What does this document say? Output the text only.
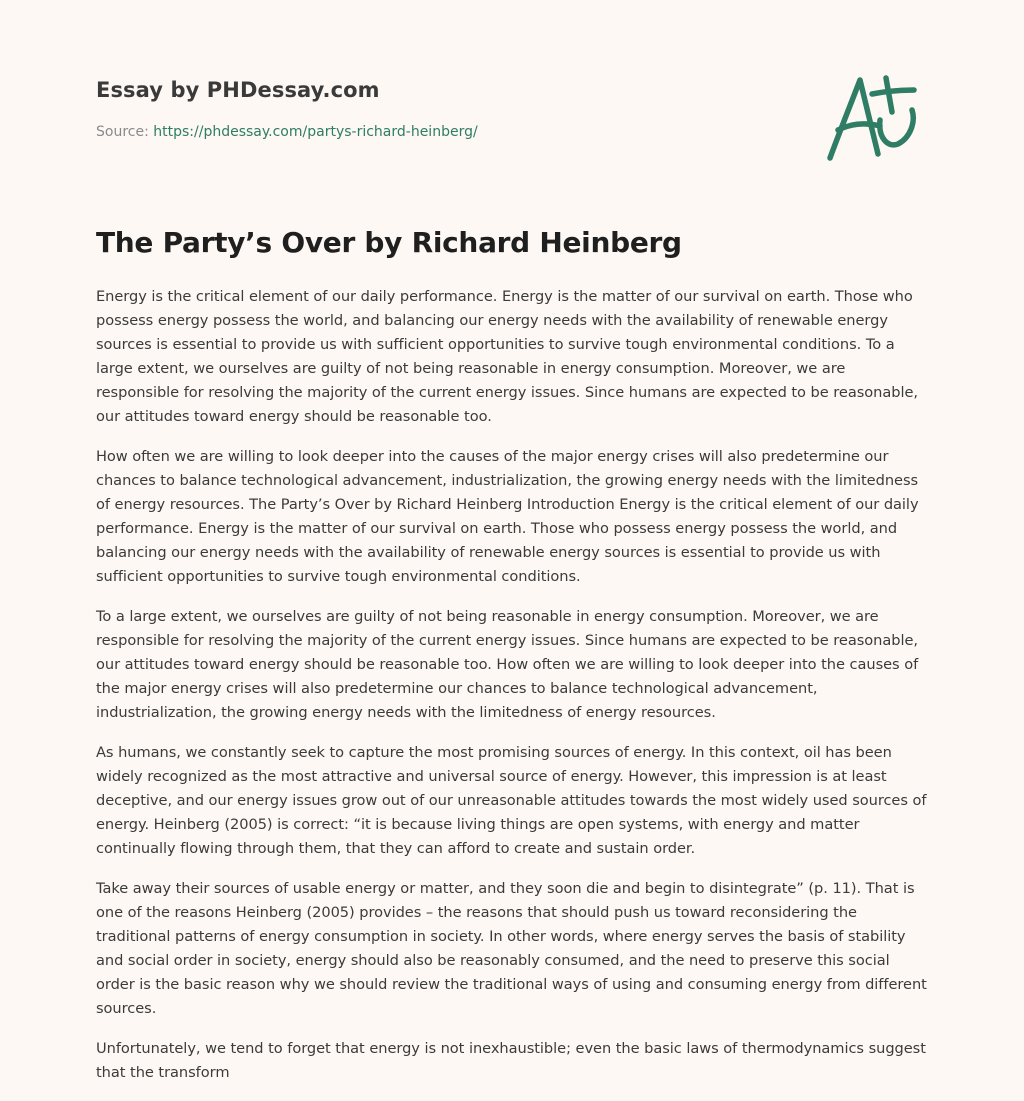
Essay by PHDessay.com
Source: https://phdessay.com/partys-richard-heinberg/
The Party’s Over by Richard Heinberg

Energy is the critical element of our daily performance. Energy is the matter of our survival on earth. Those who possess energy possess the world, and balancing our energy needs with the availability of renewable energy sources is essential to provide us with sufficient opportunities to survive tough environmental conditions. To a large extent, we ourselves are guilty of not being reasonable in energy consumption. Moreover, we are responsible for resolving the majority of the current energy issues. Since humans are expected to be reasonable, our attitudes toward energy should be reasonable too.

How often we are willing to look deeper into the causes of the major energy crises will also predetermine our chances to balance technological advancement, industrialization, the growing energy needs with the limitedness of energy resources. The Party’s Over by Richard Heinberg Introduction Energy is the critical element of our daily performance. Energy is the matter of our survival on earth. Those who possess energy possess the world, and balancing our energy needs with the availability of renewable energy sources is essential to provide us with sufficient opportunities to survive tough environmental conditions.

To a large extent, we ourselves are guilty of not being reasonable in energy consumption. Moreover, we are responsible for resolving the majority of the current energy issues. Since humans are expected to be reasonable, our attitudes toward energy should be reasonable too. How often we are willing to look deeper into the causes of the major energy crises will also predetermine our chances to balance technological advancement, industrialization, the growing energy needs with the limitedness of energy resources.

As humans, we constantly seek to capture the most promising sources of energy. In this context, oil has been widely recognized as the most attractive and universal source of energy. However, this impression is at least deceptive, and our energy issues grow out of our unreasonable attitudes towards the most widely used sources of energy. Heinberg (2005) is correct: “it is because living things are open systems, with energy and matter continually flowing through them, that they can afford to create and sustain order.

Take away their sources of usable energy or matter, and they soon die and begin to disintegrate” (p. 11). That is one of the reasons Heinberg (2005) provides – the reasons that should push us toward reconsidering the traditional patterns of energy consumption in society. In other words, where energy serves the basis of stability and social order in society, energy should also be reasonably consumed, and the need to preserve this social order is the basic reason why we should review the traditional ways of using and consuming energy from different sources.

Unfortunately, we tend to forget that energy is not inexhaustible; even the basic laws of thermodynamics suggest that the transform
